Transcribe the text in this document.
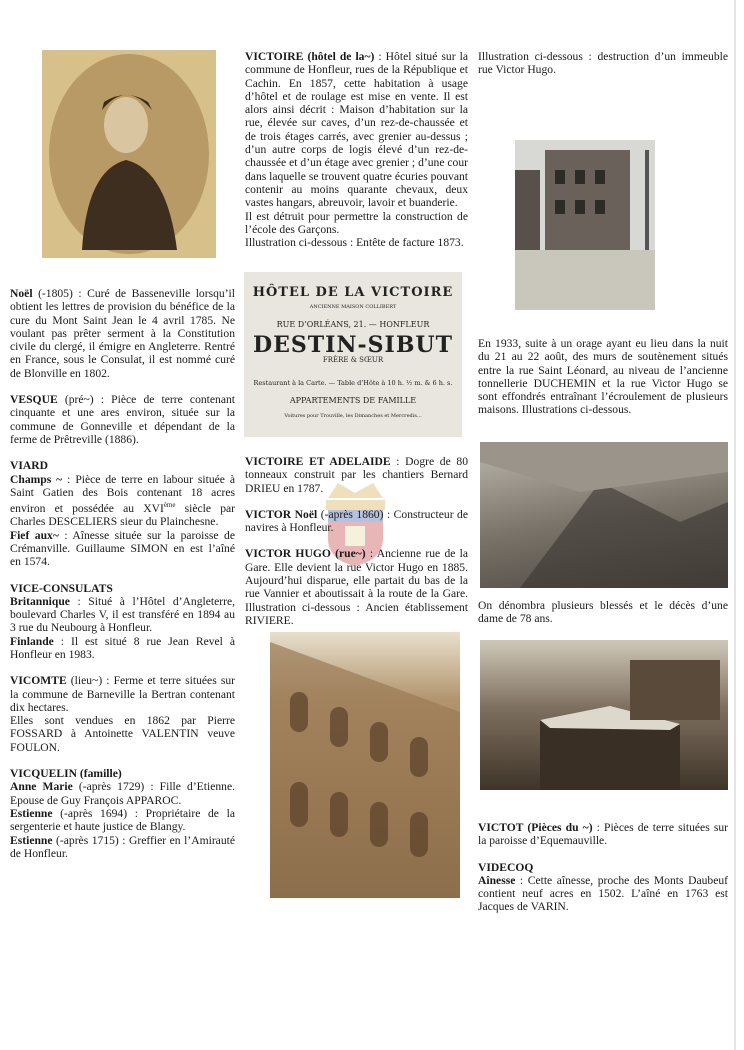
Noël (-1805) : Curé de Basseneville lorsqu’il obtient les lettres de provision du bénéfice de la cure du Mont Saint Jean le 4 avril 1785. Ne voulant pas prêter serment à la Constitution civile du clergé, il émigre en Angleterre. Rentré en France, sous le Consulat, il est nommé curé de Blonville en 1802.

VESQUE (pré~) : Pièce de terre contenant cinquante et une ares environ, située sur la commune de Gonneville et dépendant de la ferme de Prêtreville (1886).

VIARD

Champs ~ : Pièce de terre en labour située à Saint Gatien des Bois contenant 18 acres environ et possédée au XVIème siècle par Charles DESCELIERS sieur du Plainchesne.

Fief aux~ : Aînesse située sur la paroisse de Crémanville. Guillaume SIMON en est l’aîné en 1574.

VICE-CONSULATS

Britannique : Situé à l’Hôtel d’Angleterre, boulevard Charles V, il est transféré en 1894 au 3 rue du Neubourg à Honfleur.

Finlande : Il est situé 8 rue Jean Revel à Honfleur en 1983.

VICOMTE (lieu~) : Ferme et terre situées sur la commune de Barneville la Bertran contenant dix hectares.

Elles sont vendues en 1862 par Pierre FOSSARD à Antoinette VALENTIN veuve FOULON.

VICQUELIN (famille)

Anne Marie (-après 1729) : Fille d’Etienne. Epouse de Guy François APPAROC.

Estienne (-après 1694) : Propriétaire de la sergenterie et haute justice de Blangy.

Estienne (-après 1715) : Greffier en l’Amirauté de Honfleur.

VICTOIRE (hôtel de la~) : Hôtel situé sur la commune de Honfleur, rues de la République et Cachin. En 1857, cette habitation à usage d’hôtel et de roulage est mise en vente. Il est alors ainsi décrit : Maison d’habitation sur la rue, élevée sur caves, d’un rez-de-chaussée et de trois étages carrés, avec grenier au-dessus ; d’un autre corps de logis élevé d’un rez-de-chaussée et d’un étage avec grenier ; d’une cour dans laquelle se trouvent quatre écuries pouvant contenir au moins quarante chevaux, deux vastes hangars, abreuvoir, lavoir et buanderie.

Il est détruit pour permettre la construction de l’école des Garçons.

Illustration ci-dessous : Entête de facture 1873.

HÔTEL DE LA VICTOIRE
ANCIENNE MAISON COLLIBERT
RUE D’ORLÉANS, 21. — HONFLEUR
DESTIN-SIBUT
FRÈRE & SŒUR
Restaurant à la Carte. — Table d’Hôte à 10 h. ½ m. & 6 h. s.
APPARTEMENTS DE FAMILLE
Voitures pour Trouville, les Dimanches et Mercredis...

VICTOIRE ET ADELAIDE : Dogre de 80 tonneaux construit par les chantiers Bernard DRIEU en 1787.

VICTOR Noël (-après 1860) : Constructeur de navires à Honfleur.

VICTOR HUGO (rue~) : Ancienne rue de la Gare. Elle devient la rue Victor Hugo en 1885. Aujourd’hui disparue, elle partait du bas de la rue Vannier et aboutissait à la route de la Gare. Illustration ci-dessous : Ancien établissement RIVIERE.

Illustration ci-dessous : destruction d’un immeuble rue Victor Hugo.

En 1933, suite à un orage ayant eu lieu dans la nuit du 21 au 22 août, des murs de soutènement situés entre la rue Saint Léonard, au niveau de l’ancienne tonnellerie DUCHEMIN et la rue Victor Hugo se sont effondrés entraînant l’écroulement de plusieurs maisons. Illustrations ci-dessous.

On dénombra plusieurs blessés et le décès d’une dame de 78 ans.

VICTOT (Pièces du ~) : Pièces de terre situées sur la paroisse d’Equemauville.

VIDECOQ

Aînesse : Cette aînesse, proche des Monts Daubeuf contient neuf acres en 1502. L’aîné en 1763 est Jacques de VARIN.
